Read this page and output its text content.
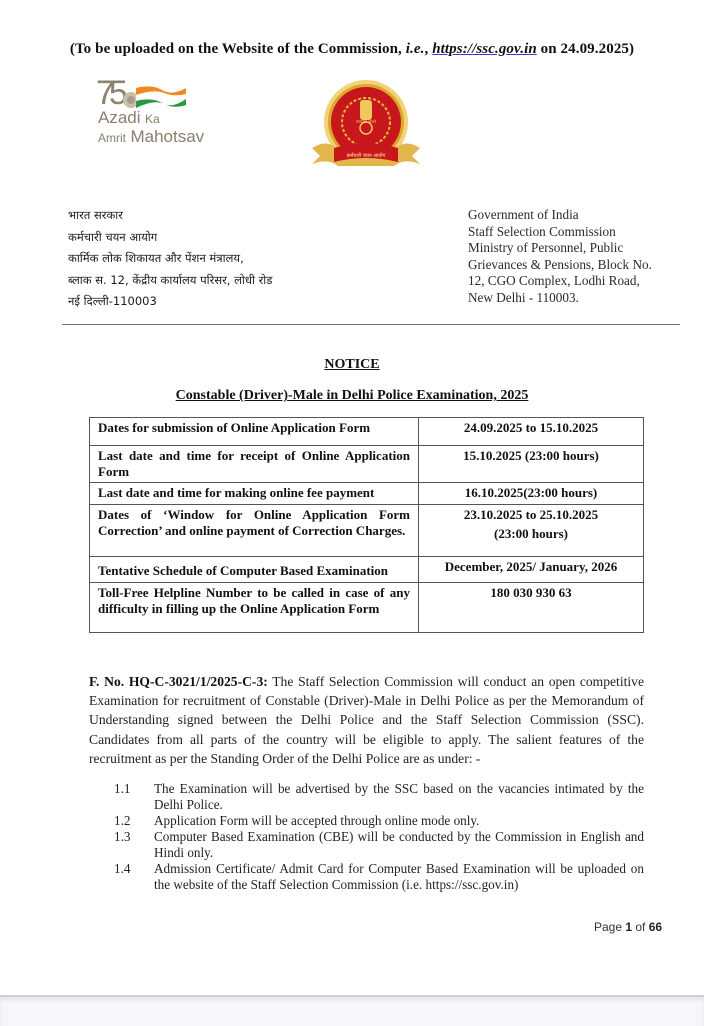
(To be uploaded on the Website of the Commission, i.e., https://ssc.gov.in on 24.09.2025)
75
Azadi Ka
Amrit Mahotsav
सत्यमेव जयते
कर्मचारी चयन आयोग
भारत सरकार
कर्मचारी चयन आयोग
कार्मिक लोक शिकायत और पेंशन मंत्रालय,
ब्लाक स. 12, केंद्रीय कार्यालय परिसर, लोधी रोड
नई दिल्ली-110003
Government of India
Staff Selection Commission
Ministry of Personnel, Public
Grievances & Pensions, Block No.
12, CGO Complex, Lodhi Road,
New Delhi - 110003.
NOTICE
Constable (Driver)-Male in Delhi Police Examination, 2025
Dates for submission of Online Application Form	24.09.2025 to 15.10.2025
Last date and time for receipt of Online Application Form	15.10.2025 (23:00 hours)
Last date and time for making online fee payment	16.10.2025(23:00 hours)
Dates of ‘Window for Online Application Form Correction’ and online payment of Correction Charges.	23.10.2025 to 25.10.2025
(23:00 hours)

Tentative Schedule of Computer Based Examination	December, 2025/ January, 2026
Toll-Free Helpline Number to be called in case of any difficulty in filling up the Online Application Form	180 030 930 63
F. No. HQ-C-3021/1/2025-C-3: The Staff Selection Commission will conduct an open competitive Examination for recruitment of Constable (Driver)-Male in Delhi Police as per the Memorandum of Understanding signed between the Delhi Police and the Staff Selection Commission (SSC). Candidates from all parts of the country will be eligible to apply. The salient features of the recruitment as per the Standing Order of the Delhi Police are as under: -
1.1	The Examination will be advertised by the SSC based on the vacancies intimated by the Delhi Police.
1.2	Application Form will be accepted through online mode only.
1.3	Computer Based Examination (CBE) will be conducted by the Commission in English and Hindi only.
1.4	Admission Certificate/ Admit Card for Computer Based Examination will be uploaded on the website of the Staff Selection Commission (i.e. https://ssc.gov.in)
Page 1 of 66
